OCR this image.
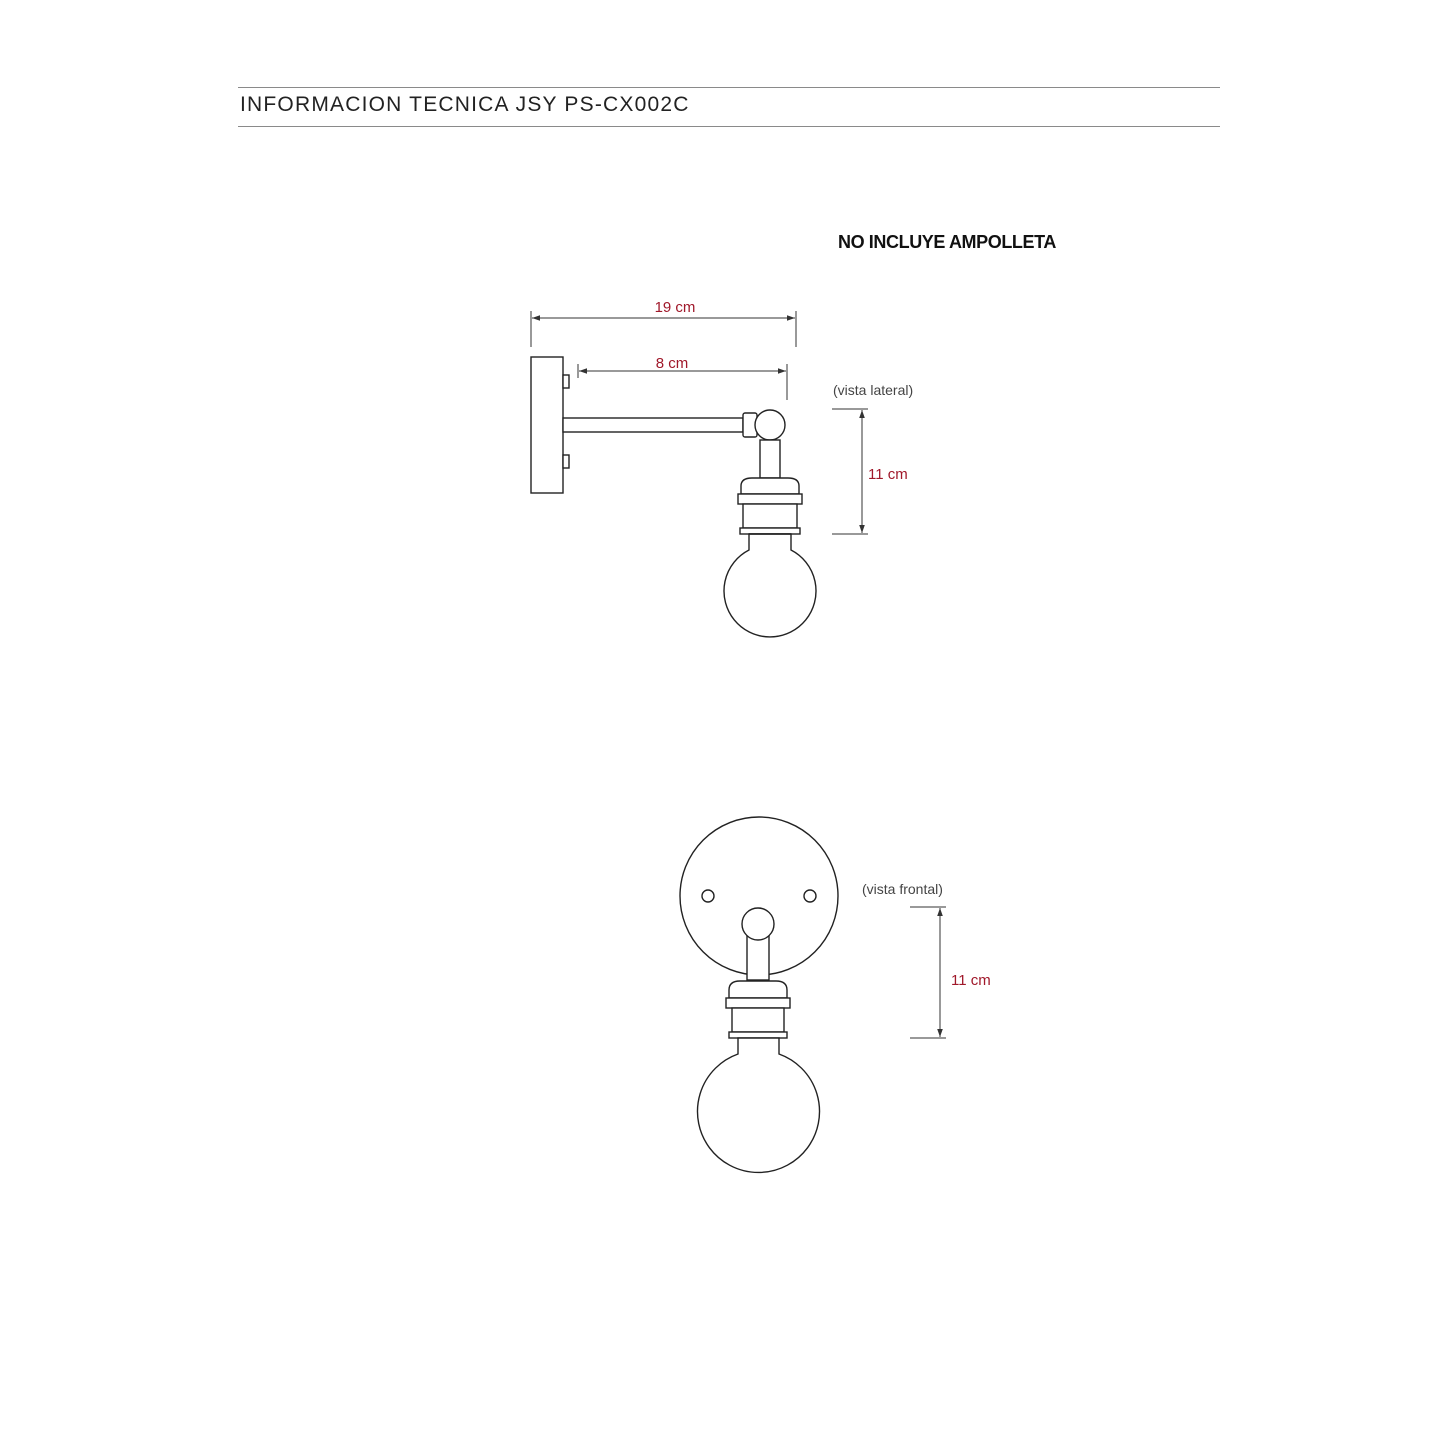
INFORMACION TECNICA JSY PS-CX002C
NO INCLUYE AMPOLLETA
19 cm
8 cm
(vista lateral)
11 cm
(vista frontal)
11 cm
